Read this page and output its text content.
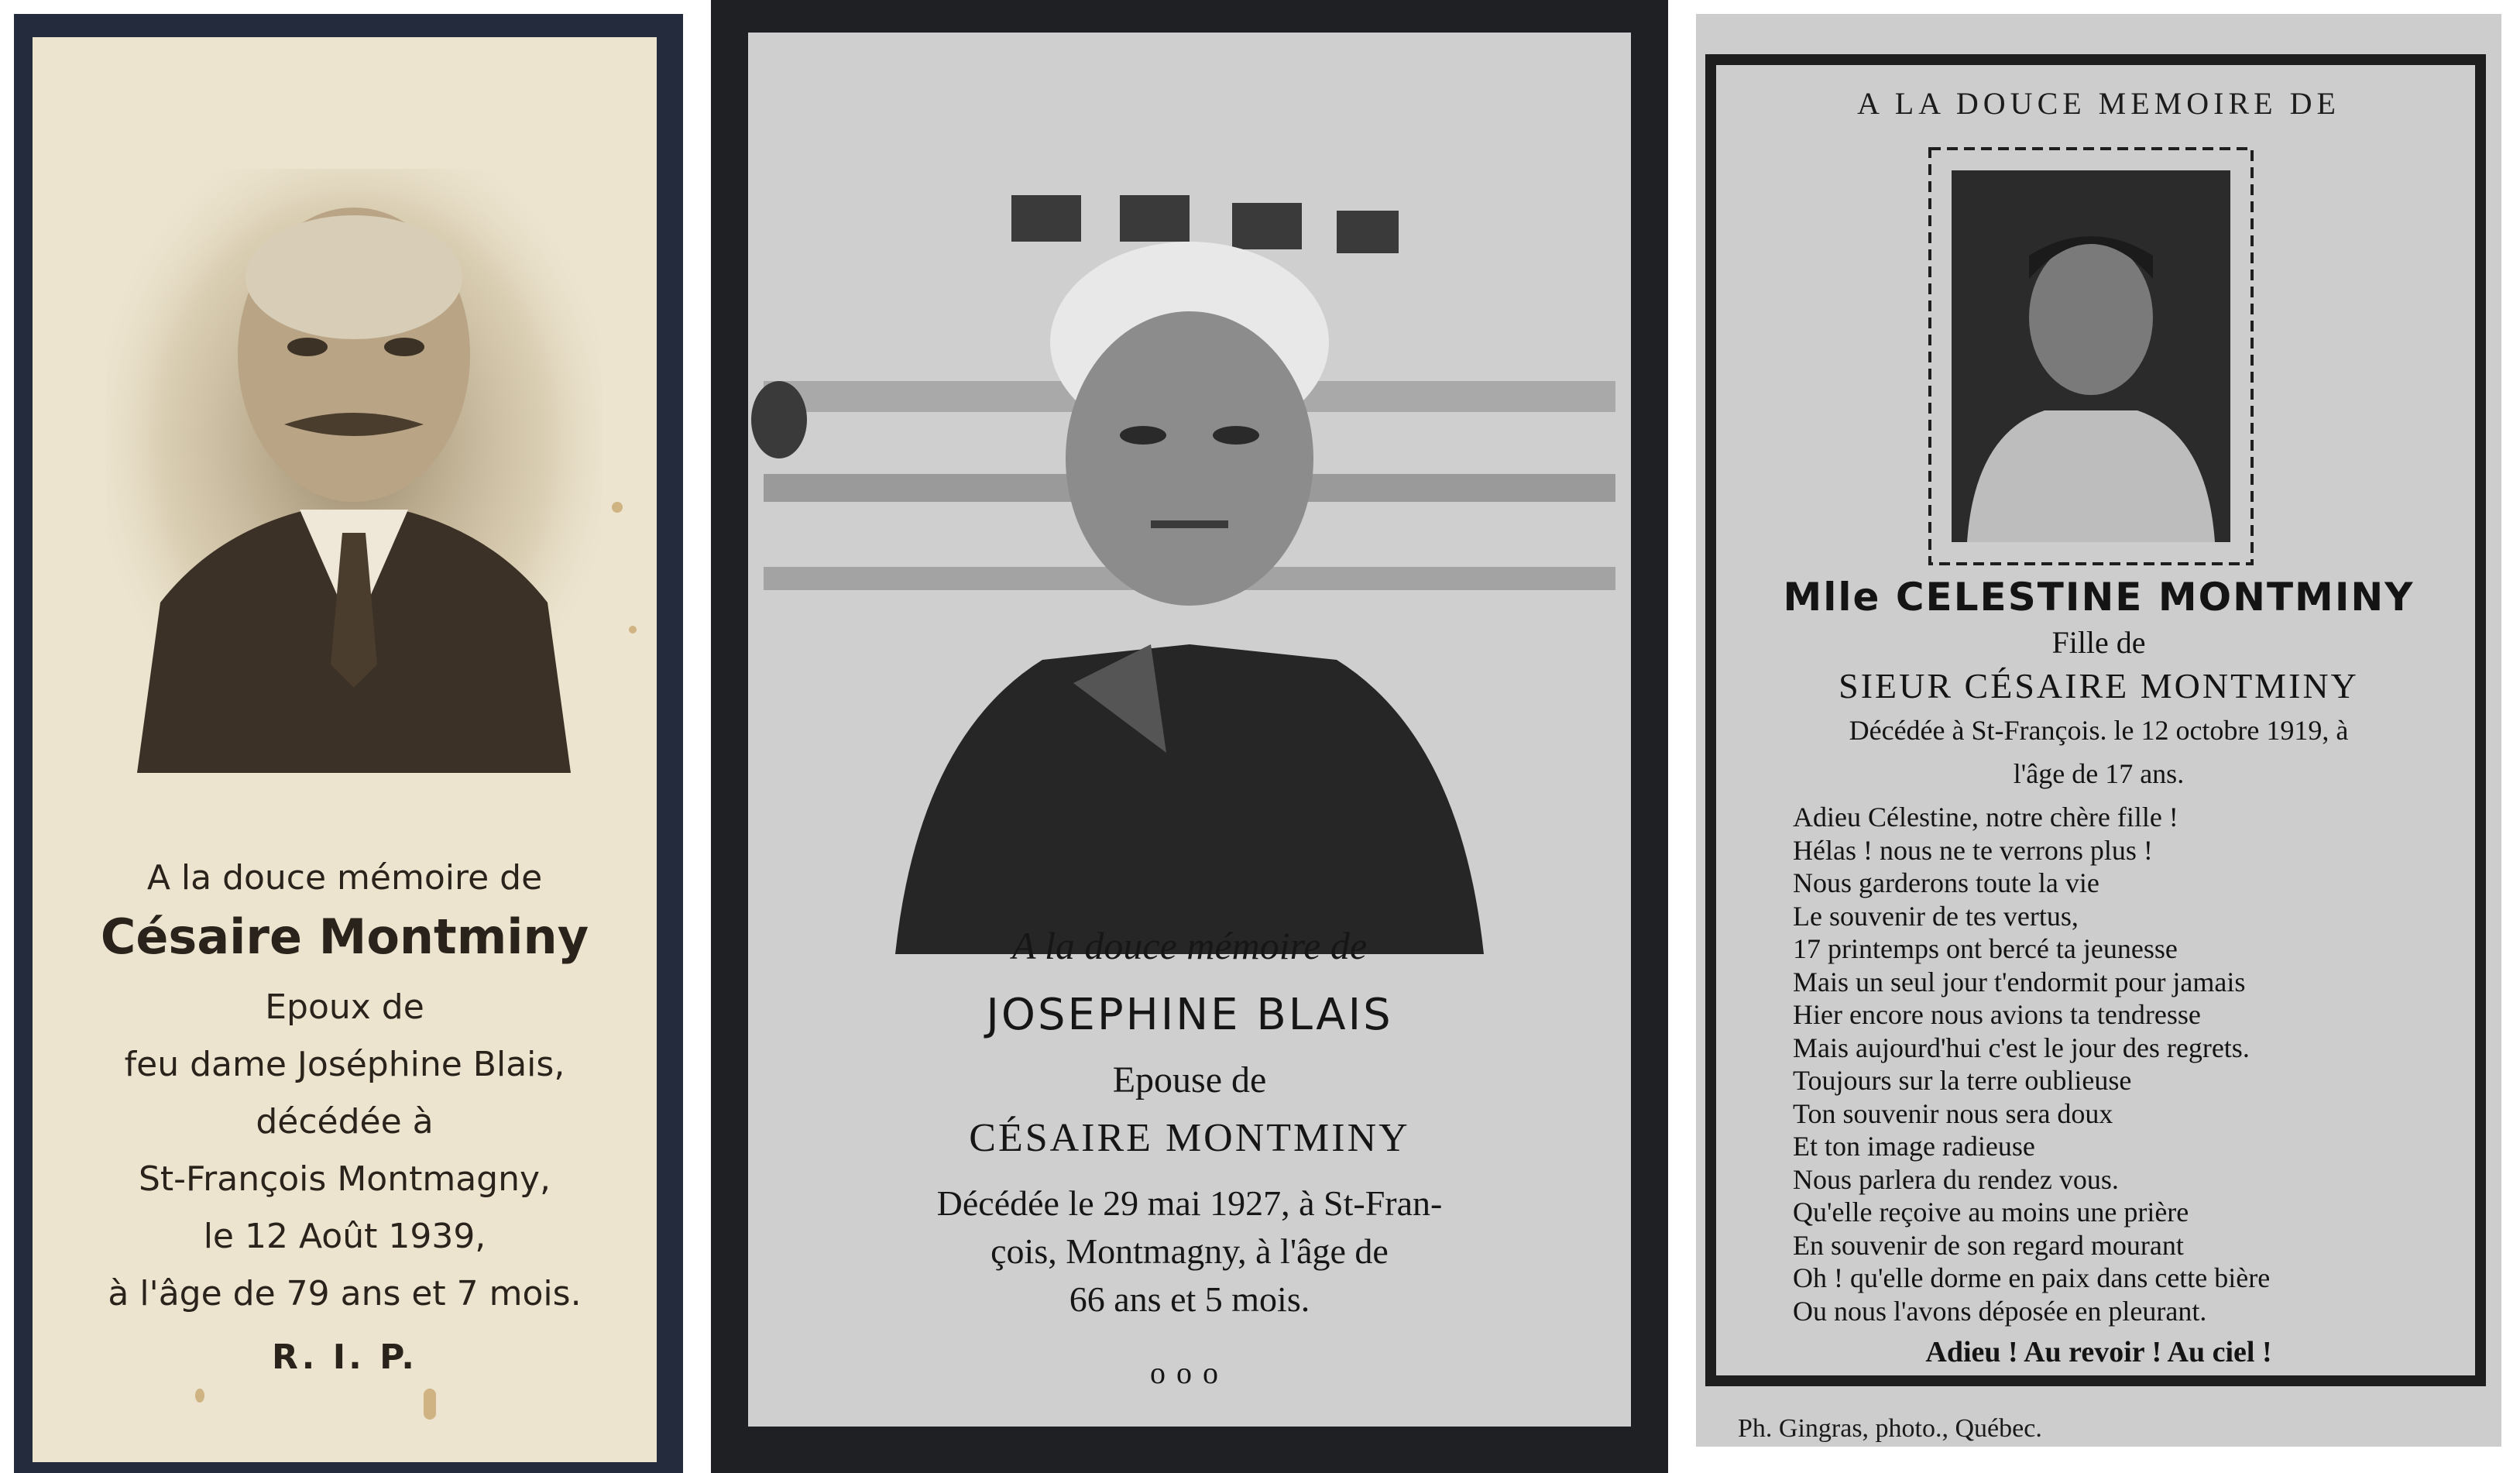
A la douce mémoire de
Césaire Montminy
Epoux de
feu dame Joséphine Blais,
décédée à
St-François Montmagny,
le 12 Août 1939,
à l'âge de 79 ans et 7 mois.
R. I. P.
A la douce mémoire de
JOSEPHINE BLAIS
Epouse de
CÉSAIRE MONTMINY
Décédée le 29 mai 1927, à St-Fran-
çois, Montmagny, à l'âge de
66 ans et 5 mois.
ooo
A LA DOUCE MEMOIRE DE
Mlle CELESTINE MONTMINY
Fille de
SIEUR CÉSAIRE MONTMINY
Décédée à St-François. le 12 octobre 1919, à
l'âge de 17 ans.
Adieu Célestine, notre chère fille !
Hélas ! nous ne te verrons plus !
Nous garderons toute la vie
Le souvenir de tes vertus,
17 printemps ont bercé ta jeunesse
Mais un seul jour t'endormit pour jamais
Hier encore nous avions ta tendresse
Mais aujourd'hui c'est le jour des regrets.
Toujours sur la terre oublieuse
Ton souvenir nous sera doux
Et ton image radieuse
Nous parlera du rendez vous.
Qu'elle reçoive au moins une prière
En souvenir de son regard mourant
Oh ! qu'elle dorme en paix dans cette bière
Ou nous l'avons déposée en pleurant.
Adieu ! Au revoir ! Au ciel !
Ph. Gingras, photo., Québec.
